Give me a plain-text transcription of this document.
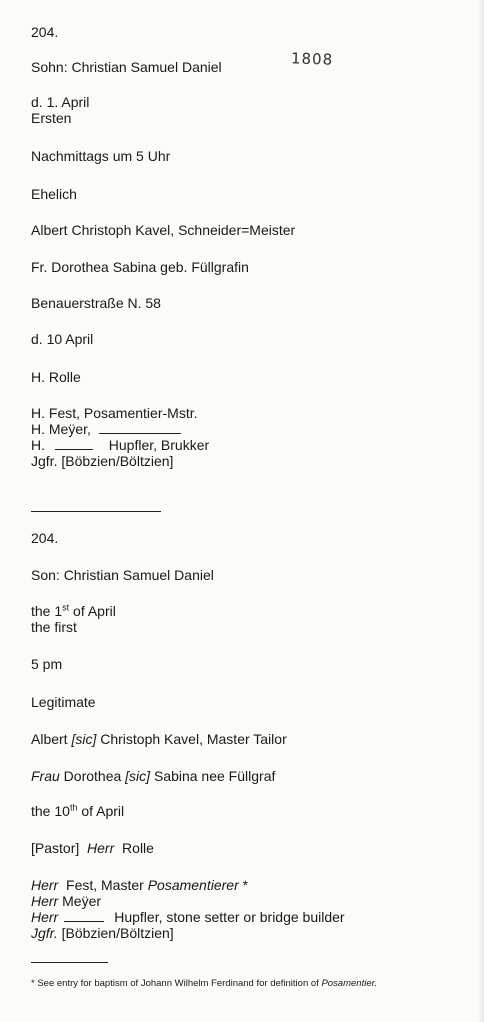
204.
Sohn: Christian Samuel Daniel	1808
d. 1. April
Ersten
Nachmittags um 5 Uhr
Ehelich
Albert Christoph Kavel, Schneider=Meister
Fr. Dorothea Sabina geb. Füllgrafin
Benauerstraße N. 58
d. 10 April
H. Rolle
H. Fest, Posamentier-Mstr.
H. Meÿer,
H.	Hupfler, Brukker
Jgfr. [Böbzien/Böltzien]
204.
Son: Christian Samuel Daniel
the 1st of April
the first
5 pm
Legitimate
Albert [sic] Christoph Kavel, Master Tailor
Frau Dorothea [sic] Sabina nee Füllgraf
the 10th of April
[Pastor] Herr Rolle
Herr  Fest, Master Posamentierer *
Herr Meÿer
Herr	Hupfler, stone setter or bridge builder
Jgfr. [Böbzien/Böltzien]
* See entry for baptism of Johann Wilhelm Ferdinand for definition of Posamentier.
